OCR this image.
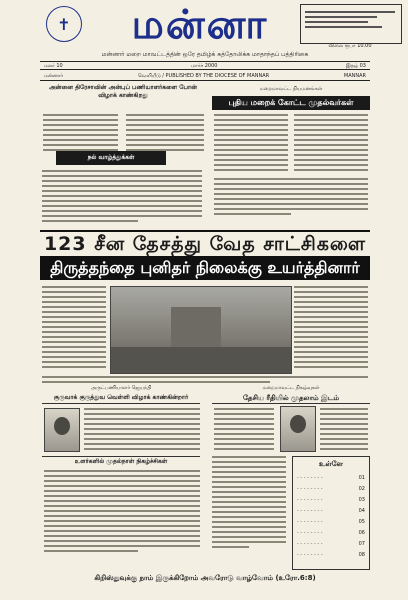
✝	மன்னா	விலை ரூபா 10.00
மன்னார் மறை மாவட்டத்தின் ஒரே தமிழ்க் கத்தோலிக்க மாதாந்தப் பத்திரிகை
மலர் 10	மார்ச் 2000	இதழ் 03
மன்னார்	வெளியீடு / PUBLISHED BY THE DIOCESE OF MANNAR	MANNAR
அன்னை திரேசாவின் அன்புப் பணியாளர்களை போன் விழாக் காண்கிறது
நல் வாழ்த்துக்கள்
மறைமாவட்ட நியமனங்கள்
புதிய மறைக் கோட்ட முதல்வர்கள்
123 சீன தேசத்து வேத சாட்சிகளை
திருத்தந்தை புனிதர் நிலைக்கு உயர்த்தினார்
அருட்பணியாளர் ஜெயந்தி
குருவாக் குருத்துவ வெள்ளி விழாக் காண்கின்றார்
மறைமாவட்ட நிகழ்வுகள்
தேசிய ரீதியில் முதலாம் இடம்
உளர்களில் முதல்நாள் நிகழ்ச்சிகள்	உள்ளே
- - - - - - - -	01
- - - - - - - -	02
- - - - - - - -	03
- - - - - - - -	04
- - - - - - - -	05
- - - - - - - -	06
- - - - - - - -	07
- - - - - - - -	08
கிறிஸ்துவுக்கு நாம் இருக்கிறோம் அவரோடு வாழ்வோம் (உரோ.6:8)
